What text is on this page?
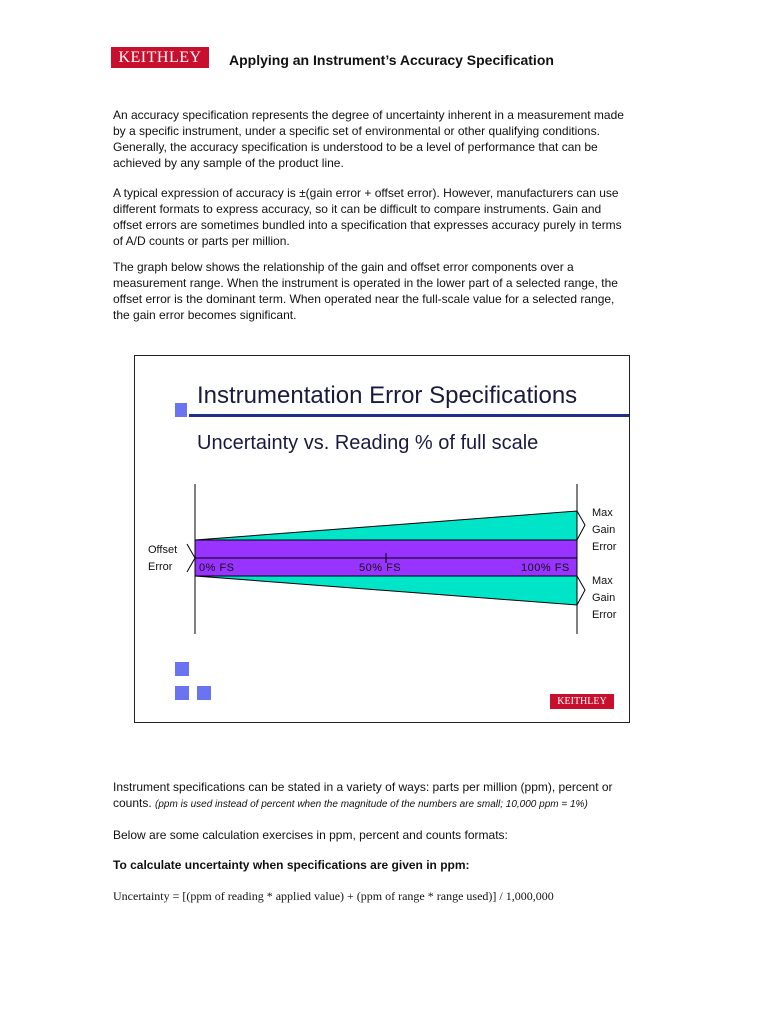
KEITHLEY	Applying an Instrument’s Accuracy Specification

An accuracy specification represents the degree of uncertainty inherent in a measurement made by a specific instrument, under a specific set of environmental or other qualifying conditions. Generally, the accuracy specification is understood to be a level of performance that can be achieved by any sample of the product line.

A typical expression of accuracy is ±(gain error + offset error). However, manufacturers can use different formats to express accuracy, so it can be difficult to compare instruments. Gain and offset errors are sometimes bundled into a specification that expresses accuracy purely in terms of A/D counts or parts per million.

The graph below shows the relationship of the gain and offset error components over a measurement range. When the instrument is operated in the lower part of a selected range, the offset error is the dominant term. When operated near the full-scale value for a selected range, the gain error becomes significant.

Instrumentation Error Specifications
Uncertainty vs. Reading % of full scale
Offset
Error
Max
Gain
Error
Max
Gain
Error
0% FS	50% FS	100% FS
KEITHLEY

Instrument specifications can be stated in a variety of ways: parts per million (ppm), percent or counts. (ppm is used instead of percent when the magnitude of the numbers are small; 10,000 ppm = 1%)

Below are some calculation exercises in ppm, percent and counts formats:

To calculate uncertainty when specifications are given in ppm:
Uncertainty = [(ppm of reading * applied value) + (ppm of range * range used)] / 1,000,000
